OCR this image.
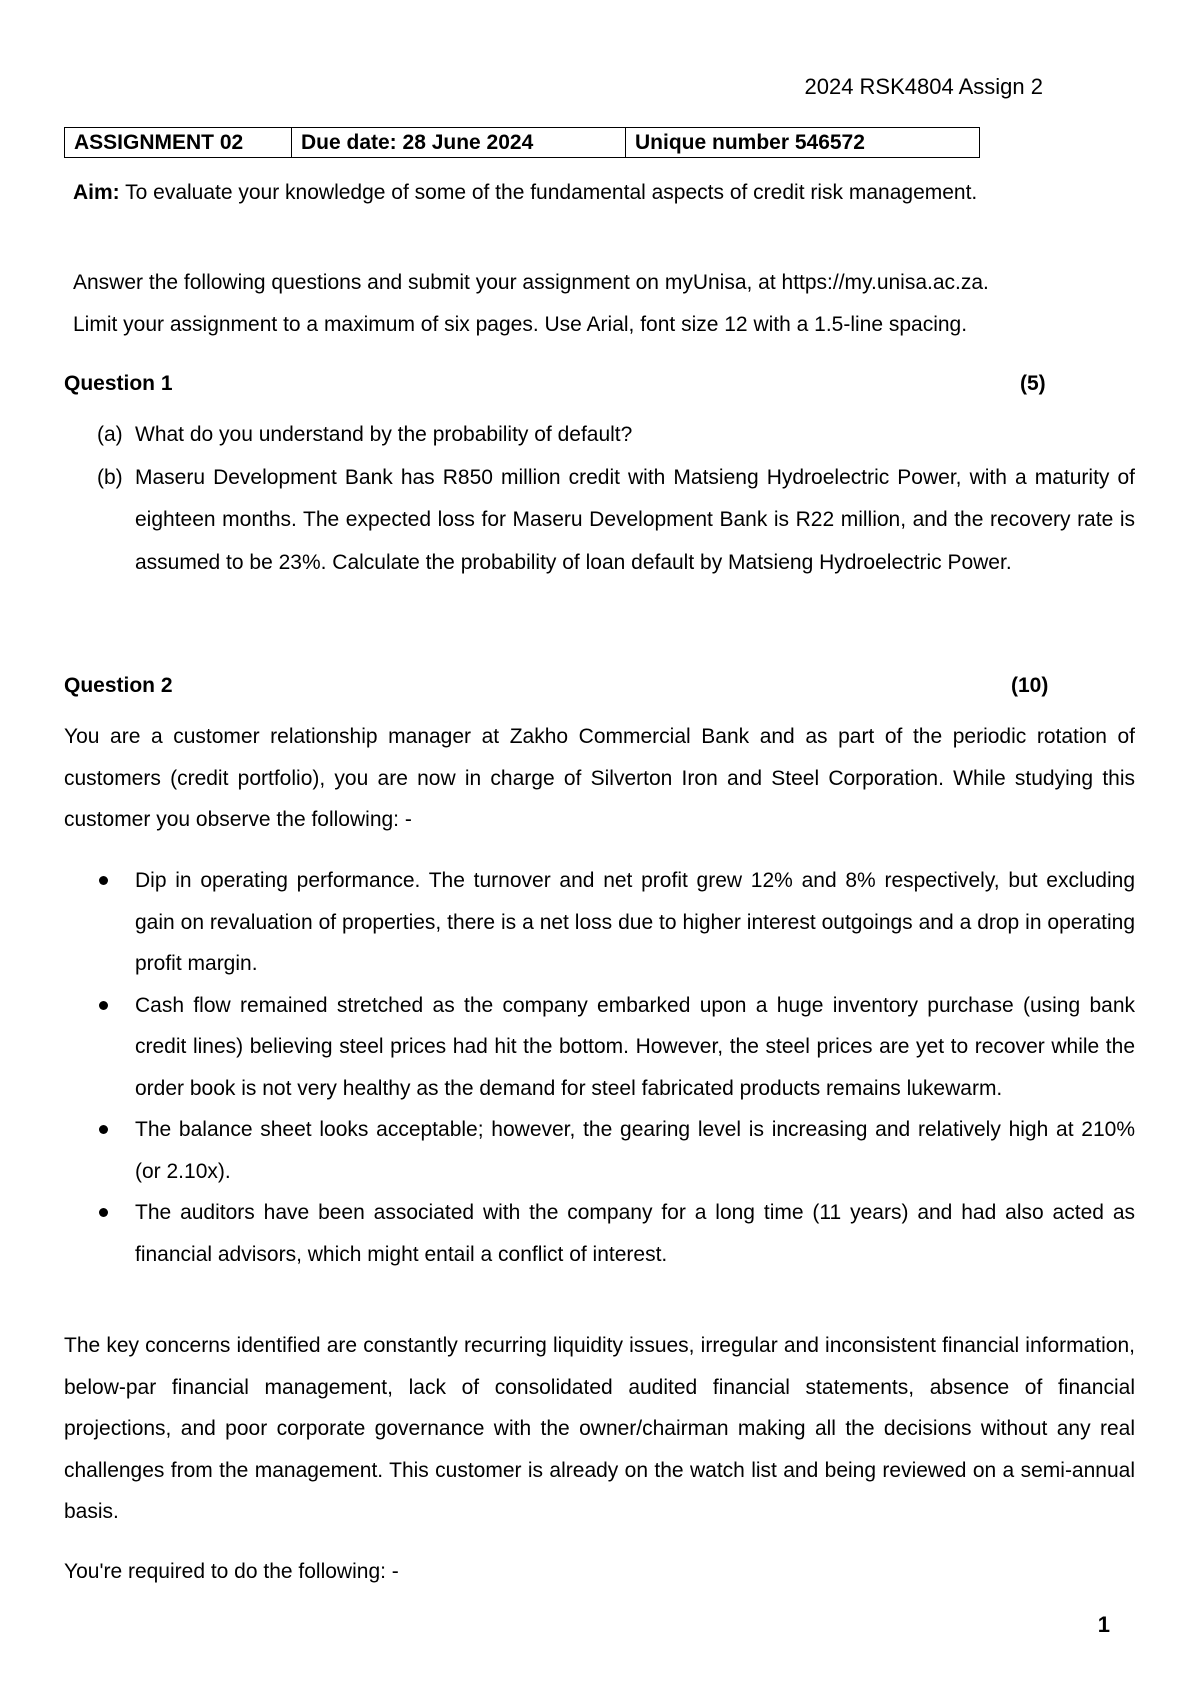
2024 RSK4804 Assign 2
ASSIGNMENT 02	Due date: 28 June 2024	Unique number 546572
Aim: To evaluate your knowledge of some of the fundamental aspects of credit risk management.
Answer the following questions and submit your assignment on myUnisa, at https://my.unisa.ac.za.
Limit your assignment to a maximum of six pages. Use Arial, font size 12 with a 1.5-line spacing.
Question 1	(5)
(a) What do you understand by the probability of default?
(b) Maseru Development Bank has R850 million credit with Matsieng Hydroelectric Power, with a maturity of eighteen months. The expected loss for Maseru Development Bank is R22 million, and the recovery rate is assumed to be 23%. Calculate the probability of loan default by Matsieng Hydroelectric Power.
Question 2	(10)
You are a customer relationship manager at Zakho Commercial Bank and as part of the periodic rotation of customers (credit portfolio), you are now in charge of Silverton Iron and Steel Corporation. While studying this customer you observe the following: -
Dip in operating performance. The turnover and net profit grew 12% and 8% respectively, but excluding gain on revaluation of properties, there is a net loss due to higher interest outgoings and a drop in operating profit margin.
Cash flow remained stretched as the company embarked upon a huge inventory purchase (using bank credit lines) believing steel prices had hit the bottom. However, the steel prices are yet to recover while the order book is not very healthy as the demand for steel fabricated products remains lukewarm.
The balance sheet looks acceptable; however, the gearing level is increasing and relatively high at 210% (or 2.10x).
The auditors have been associated with the company for a long time (11 years) and had also acted as financial advisors, which might entail a conflict of interest.
The key concerns identified are constantly recurring liquidity issues, irregular and inconsistent financial information, below-par financial management, lack of consolidated audited financial statements, absence of financial projections, and poor corporate governance with the owner/chairman making all the decisions without any real challenges from the management. This customer is already on the watch list and being reviewed on a semi-annual basis.
You're required to do the following: -
1
